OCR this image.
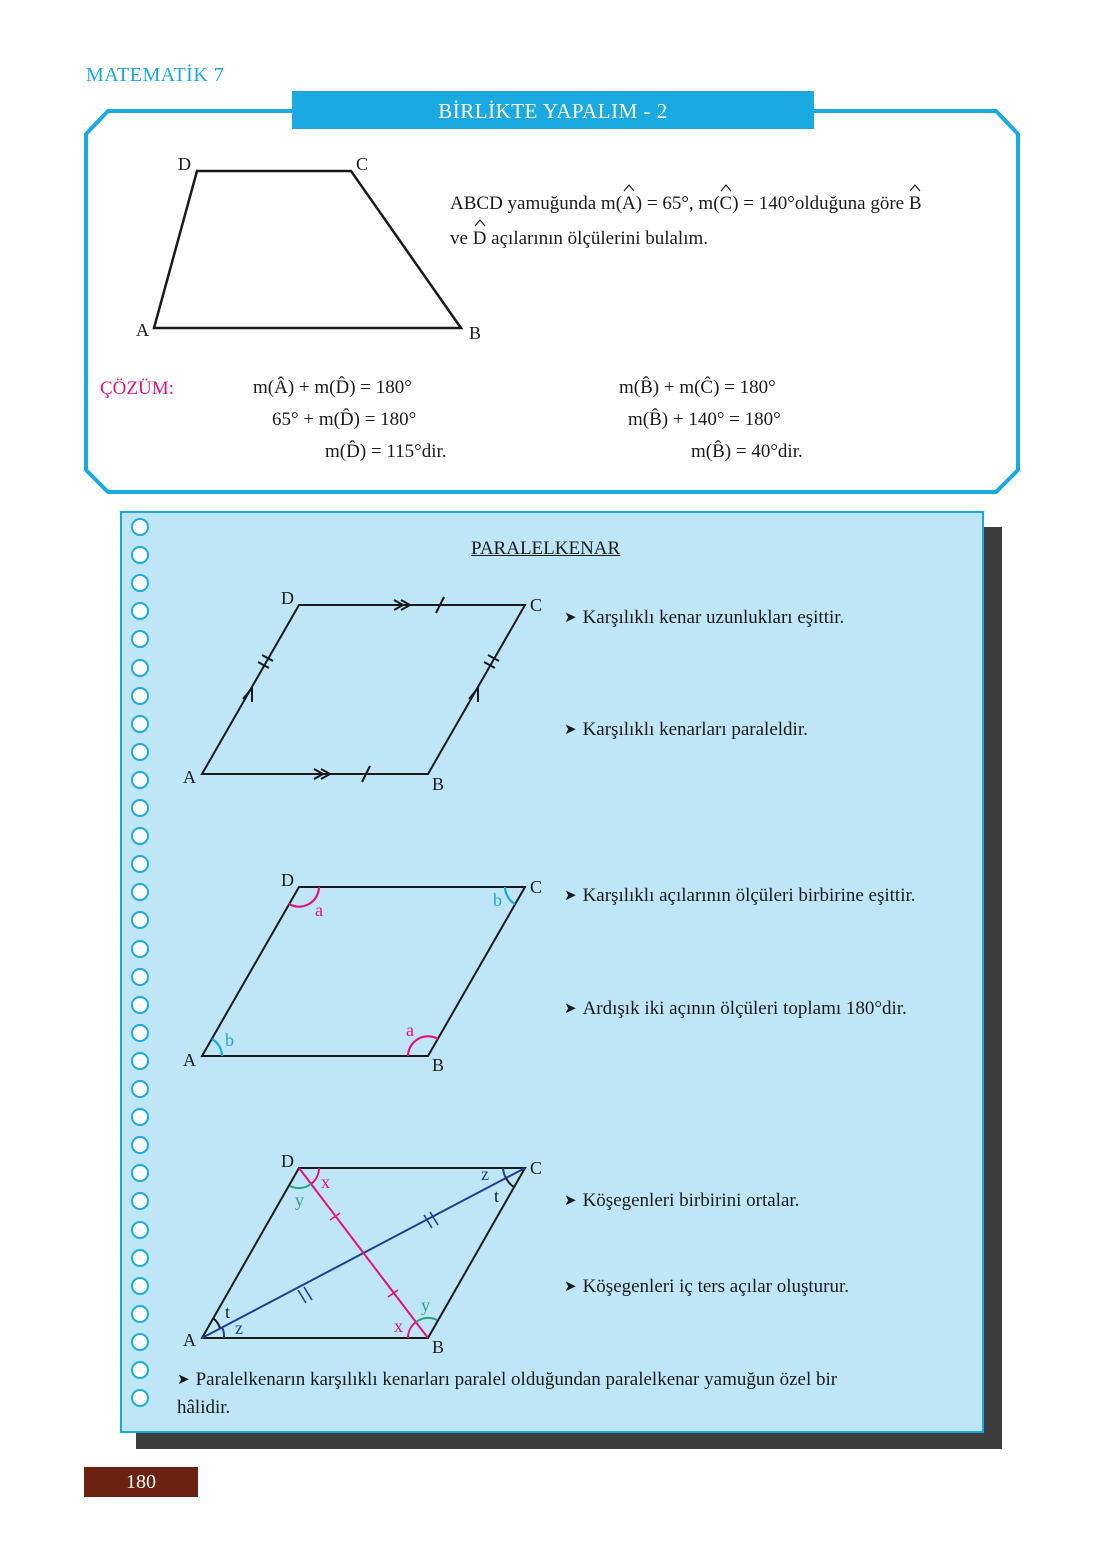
MATEMATİK 7
BİRLİKTE YAPALIM - 2
D	C
A	B
ABCD yamuğunda m(
A) = 65°, m(
C) = 140°olduğuna göre B
ve D açılarının ölçülerini bulalım.
ÇÖZÜM:	m(Â) + m(D̂) = 180°
65° + m(D̂) = 180°
m(D̂) = 115°dir.
m(B̂) + m(Ĉ) = 180°
m(B̂) + 140° = 180°
m(B̂) = 40°dir.
PARALELKENAR
D	C
A	B
D	C
A	B
a	b
b	a
D	C
A	B
x
y
z
t
t
z	x
y
➤ Karşılıklı kenar uzunlukları eşittir.
➤ Karşılıklı kenarları paraleldir.
➤ Karşılıklı açılarının ölçüleri birbirine eşittir.
➤ Ardışık iki açının ölçüleri toplamı 180°dir.
➤ Köşegenleri birbirini ortalar.
➤ Köşegenleri iç ters açılar oluşturur.
➤ Paralelkenarın karşılıklı kenarları paralel olduğundan paralelkenar yamuğun özel bir
hâlidir.
180
